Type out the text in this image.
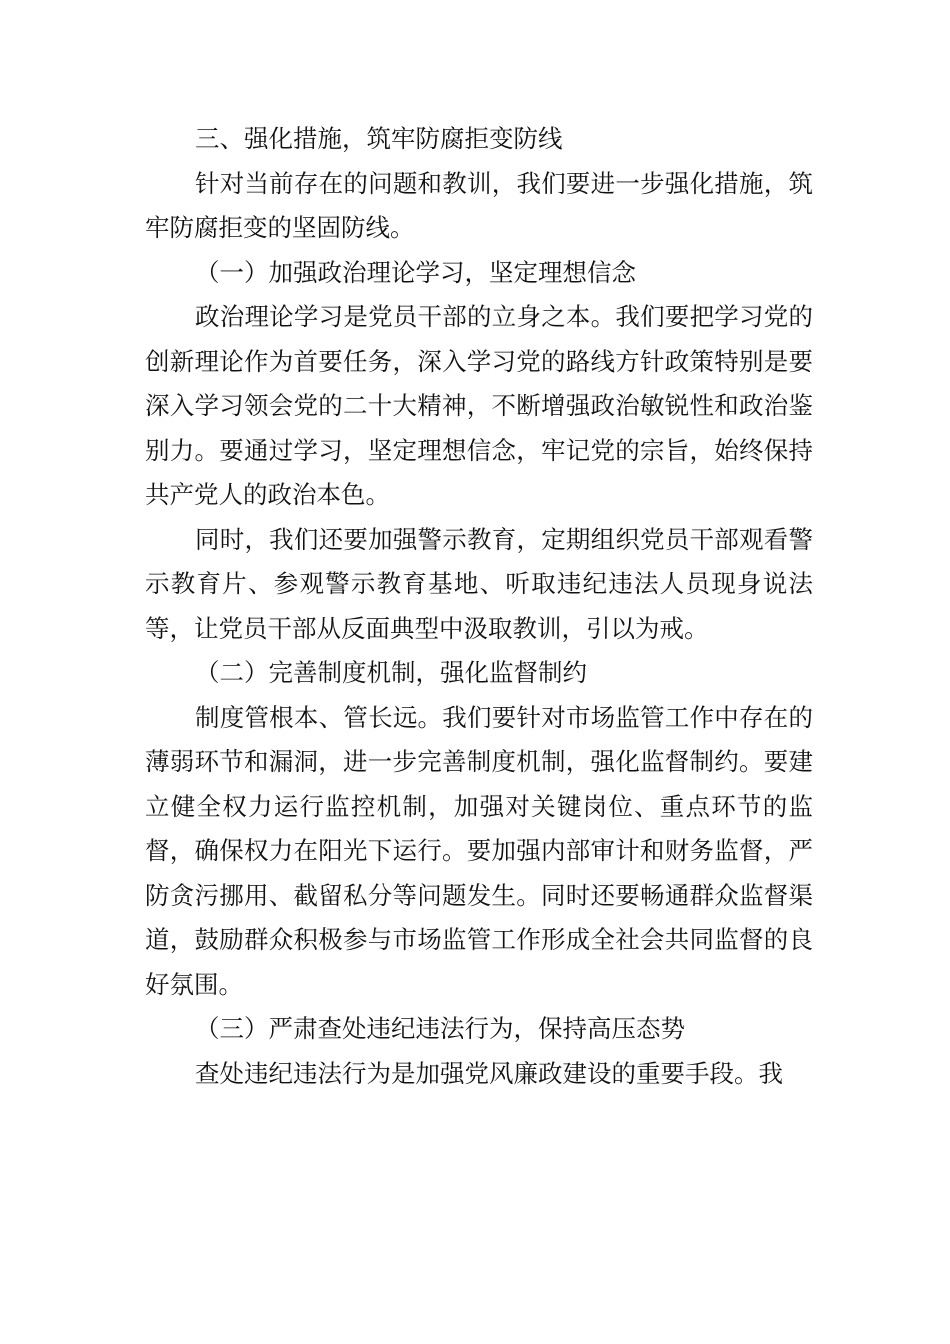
三、强化措施，筑牢防腐拒变防线

针对当前存在的问题和教训，我们要进一步强化措施，筑牢防腐拒变的坚固防线。

（一）加强政治理论学习，坚定理想信念

政治理论学习是党员干部的立身之本。我们要把学习党的创新理论作为首要任务，深入学习党的路线方针政策特别是要深入学习领会党的二十大精神，不断增强政治敏锐性和政治鉴别力。要通过学习，坚定理想信念，牢记党的宗旨，始终保持共产党人的政治本色。

同时，我们还要加强警示教育，定期组织党员干部观看警示教育片、参观警示教育基地、听取违纪违法人员现身说法等，让党员干部从反面典型中汲取教训，引以为戒。

（二）完善制度机制，强化监督制约

制度管根本、管长远。我们要针对市场监管工作中存在的薄弱环节和漏洞，进一步完善制度机制，强化监督制约。要建立健全权力运行监控机制，加强对关键岗位、重点环节的监督，确保权力在阳光下运行。要加强内部审计和财务监督，严防贪污挪用、截留私分等问题发生。同时还要畅通群众监督渠道，鼓励群众积极参与市场监管工作形成全社会共同监督的良好氛围。

（三）严肃查处违纪违法行为，保持高压态势

查处违纪违法行为是加强党风廉政建设的重要手段。我
